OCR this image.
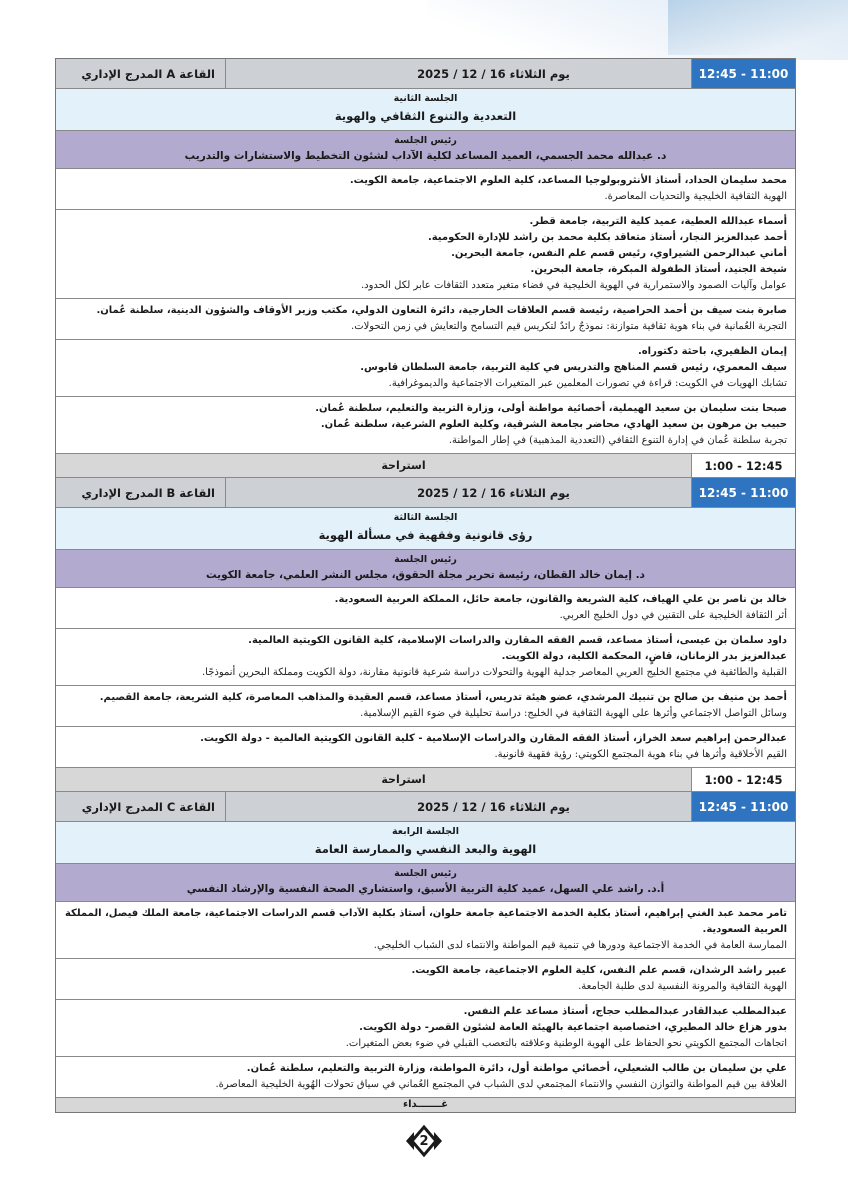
القاعة A المدرج الإداري	يوم الثلاثاء 16 / 12 / 2025	12:45 - 11:00
الجلسة الثانية
التعددية والتنوع الثقافي والهوية
رئيس الجلسة
د. عبدالله محمد الجسمي، العميد المساعد لكلية الآداب لشئون التخطيط والاستشارات والتدريب
محمد سليمان الحداد، أستاذ الأنثروبولوجيا المساعد، كلية العلوم الاجتماعية، جامعة الكويت.
الهوية الثقافية الخليجية والتحديات المعاصرة.
أسماء عبدالله العطية، عميد كلية التربية، جامعة قطر.
أحمد عبدالعزيز النجار، أستاذ متعاقد بكلية محمد بن راشد للإدارة الحكومية.
أماني عبدالرحمن الشيراوي، رئيس قسم علم النفس، جامعة البحرين.
شيخة الجنيد، أستاذ الطفولة المبكرة، جامعة البحرين.
عوامل وآليات الصمود والاستمرارية في الهوية الخليجية في فضاء متغير متعدد الثقافات عابر لكل الحدود.
صابرة بنت سيف بن أحمد الحراصية، رئيسة قسم العلاقات الخارجية، دائرة التعاون الدولي، مكتب وزير الأوقاف والشؤون الدينية، سلطنة عُمان.
التجربة العُمانية في بناء هوية ثقافية متوازنة: نموذجٌ رائدٌ لتكريس قيم التسامح والتعايش في زمن التحولات.
إيمان الظفيري، باحثة دكتوراه.
سيف المعمري، رئيس قسم المناهج والتدريس في كلية التربية، جامعة السلطان قابوس.
تشابك الهويات في الكويت: قراءة في تصورات المعلمين عبر المتغيرات الاجتماعية والديموغرافية.
صبحا بنت سليمان بن سعيد الهيملية، أخصائية مواطنة أولى، وزارة التربية والتعليم، سلطنة عُمان.
حبيب بن مرهون بن سعيد الهادي، محاضر بجامعة الشرقية، وكلية العلوم الشرعية، سلطنة عُمان.
تجربة سلطنة عُمان في إدارة التنوع الثقافي (التعددية المذهبية) في إطار المواطنة.
استراحة	1:00 - 12:45
القاعة B المدرج الإداري	يوم الثلاثاء 16 / 12 / 2025	12:45 - 11:00
الجلسة الثالثة
رؤى قانونية وفقهية في مسألة الهوية
رئيس الجلسة
د. إيمان خالد القطان، رئيسة تحرير مجلة الحقوق، مجلس النشر العلمي، جامعة الكويت
خالد بن ناصر بن علي الهياف، كلية الشريعة والقانون، جامعة حائل، المملكة العربية السعودية.
أثر الثقافة الخليجية على التقنين في دول الخليج العربي.
داود سلمان بن عيسى، أستاذ مساعد، قسم الفقه المقارن والدراسات الإسلامية، كلية القانون الكويتية العالمية.
عبدالعزيز بدر الزمانان، قاضٍ، المحكمة الكلية، دولة الكويت.
القبلية والطائفية في مجتمع الخليج العربي المعاصر جدلية الهوية والتحولات دراسة شرعية قانونية مقارنة، دولة الكويت ومملكة البحرين أنموذجًا.
أحمد بن منيف بن صالح بن تنبيك المرشدي، عضو هيئة تدريس، أستاذ مساعد، قسم العقيدة والمذاهب المعاصرة، كلية الشريعة، جامعة القصيم.
وسائل التواصل الاجتماعي وأثرها على الهوية الثقافية في الخليج: دراسة تحليلية في ضوء القيم الإسلامية.
عبدالرحمن إبراهيم سعد الخراز، أستاذ الفقه المقارن والدراسات الإسلامية - كلية القانون الكويتية العالمية - دولة الكويت.
القيم الأخلاقية وأثرها في بناء هوية المجتمع الكويتي: رؤية فقهية قانونية.
استراحة	1:00 - 12:45
القاعة C المدرج الإداري	يوم الثلاثاء 16 / 12 / 2025	12:45 - 11:00
الجلسة الرابعة
الهوية والبعد النفسي والممارسة العامة
رئيس الجلسة
أ.د. راشد علي السهل، عميد كلية التربية الأسبق، واستشاري الصحة النفسية والإرشاد النفسي
تامر محمد عبد الغني إبراهيم، أستاذ بكلية الخدمة الاجتماعية جامعة حلوان، أستاذ بكلية الآداب قسم الدراسات الاجتماعية، جامعة الملك فيصل، المملكة العربية السعودية.
الممارسة العامة في الخدمة الاجتماعية ودورها في تنمية قيم المواطنة والانتماء لدى الشباب الخليجي.
عبير راشد الرشدان، قسم علم النفس، كلية العلوم الاجتماعية، جامعة الكويت.
الهوية الثقافية والمرونة النفسية لدى طلبة الجامعة.
عبدالمطلب عبدالقادر عبدالمطلب حجاج، أستاذ مساعد علم النفس.
بدور هزاع خالد المطيري، اختصاصية اجتماعية بالهيئة العامة لشئون القصر- دولة الكويت.
اتجاهات المجتمع الكويتي نحو الحفاظ على الهوية الوطنية وعلاقته بالتعصب القبلي في ضوء بعض المتغيرات.
علي بن سليمان بن طالب الشعيلي، أخصائي مواطنة أول، دائرة المواطنة، وزارة التربية والتعليم، سلطنة عُمان.
العلاقة بين قيم المواطنة والتوازن النفسي والانتماء المجتمعي لدى الشباب في المجتمع العُماني في سياق تحولات الهُوية الخليجية المعاصرة.
غـــــــداء
2
